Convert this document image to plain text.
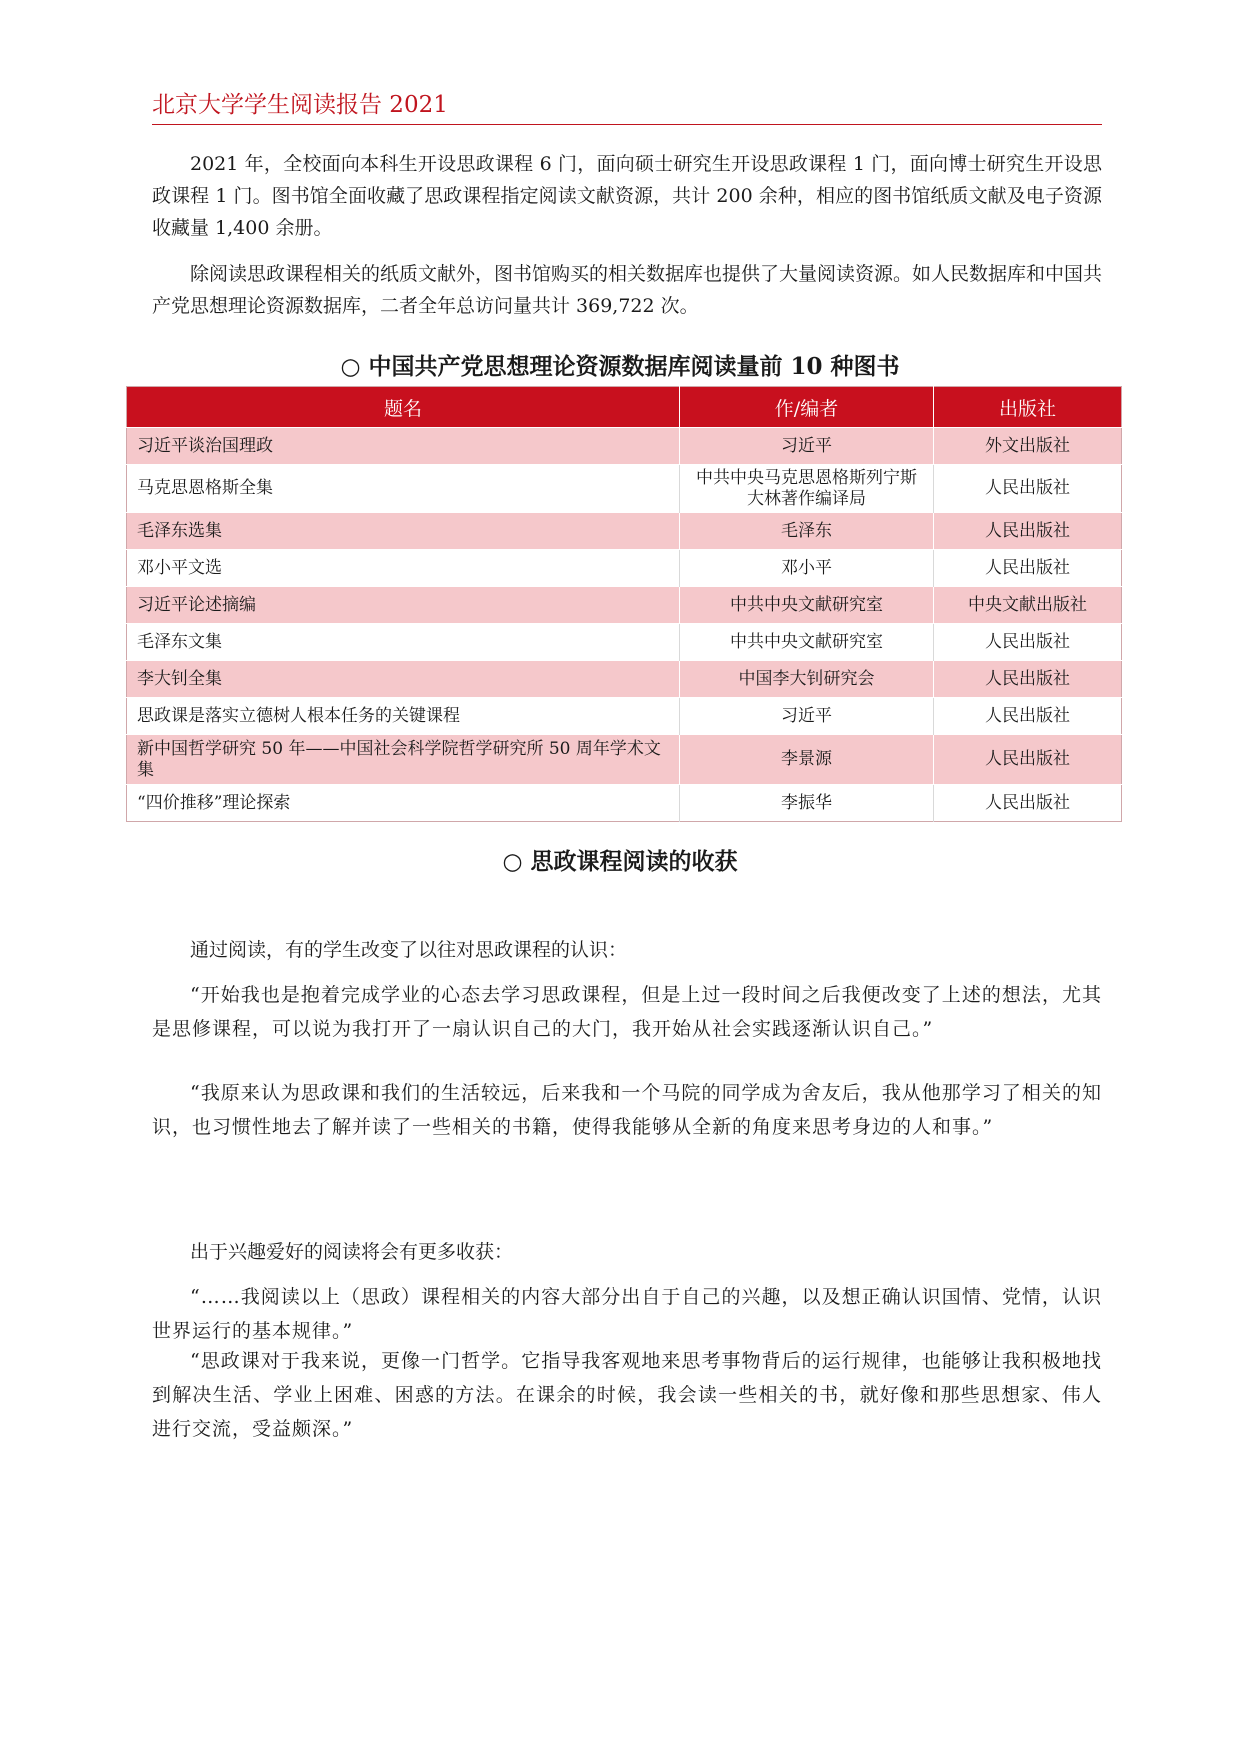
北京大学学生阅读报告 2021

2021 年，全校面向本科生开设思政课程 6 门，面向硕士研究生开设思政课程 1 门，面向博士研究生开设思政课程 1 门。图书馆全面收藏了思政课程指定阅读文献资源，共计 200 余种，相应的图书馆纸质文献及电子资源收藏量 1,400 余册。

除阅读思政课程相关的纸质文献外，图书馆购买的相关数据库也提供了大量阅读资源。如人民数据库和中国共产党思想理论资源数据库，二者全年总访问量共计 369,722 次。

○ 中国共产党思想理论资源数据库阅读量前 10 种图书
题名	作/编者	出版社
习近平谈治国理政	习近平	外文出版社
马克思恩格斯全集	中共中央马克思恩格斯列宁斯大林著作编译局	人民出版社
毛泽东选集	毛泽东	人民出版社
邓小平文选	邓小平	人民出版社
习近平论述摘编	中共中央文献研究室	中央文献出版社
毛泽东文集	中共中央文献研究室	人民出版社
李大钊全集	中国李大钊研究会	人民出版社
思政课是落实立德树人根本任务的关键课程	习近平	人民出版社
新中国哲学研究 50 年——中国社会科学院哲学研究所 50 周年学术文集	李景源	人民出版社
“四价推移”理论探索	李振华	人民出版社
○ 思政课程阅读的收获

通过阅读，有的学生改变了以往对思政课程的认识：

“开始我也是抱着完成学业的心态去学习思政课程，但是上过一段时间之后我便改变了上述的想法，尤其是思修课程，可以说为我打开了一扇认识自己的大门，我开始从社会实践逐渐认识自己。”

“我原来认为思政课和我们的生活较远，后来我和一个马院的同学成为舍友后，我从他那学习了相关的知识，也习惯性地去了解并读了一些相关的书籍，使得我能够从全新的角度来思考身边的人和事。”

出于兴趣爱好的阅读将会有更多收获：

“……我阅读以上（思政）课程相关的内容大部分出自于自己的兴趣，以及想正确认识国情、党情，认识世界运行的基本规律。”

“思政课对于我来说，更像一门哲学。它指导我客观地来思考事物背后的运行规律，也能够让我积极地找到解决生活、学业上困难、困惑的方法。在课余的时候，我会读一些相关的书，就好像和那些思想家、伟人进行交流，受益颇深。”
